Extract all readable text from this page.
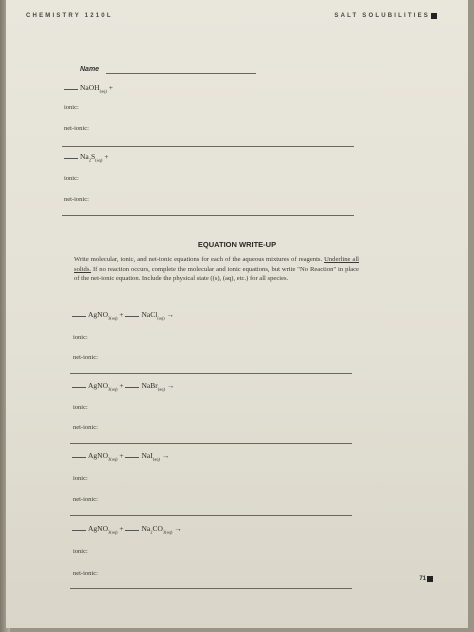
CHEMISTRY 1210L	SALT SOLUBILITIES
Name
NaOH$_{(aq)}$ +
ionic:
net-ionic:
$Na_2S_{(aq)}$ +
ionic:
net-ionic:
EQUATION WRITE-UP
Write molecular, ionic, and net-ionic equations for each of the aqueous mixtures of reagents. Underline all solids. If no reaction occurs, complete the molecular and ionic equations, but write "No Reaction" in place of the net-ionic equation. Include the physical state ((s), (aq), etc.) for all species.
AgNO$_{3(aq)}$ + NaCl$_{(aq)}$ →
ionic:
net-ionic:
AgNO$_{3(aq)}$ + NaBr$_{(aq)}$ →
ionic:
net-ionic:
AgNO$_{3(aq)}$ + NaI$_{(aq)}$ →
ionic:
net-ionic:
AgNO$_{3(aq)}$ + $Na_2CO_{3(aq)}$ →
ionic:
net-ionic:
71
